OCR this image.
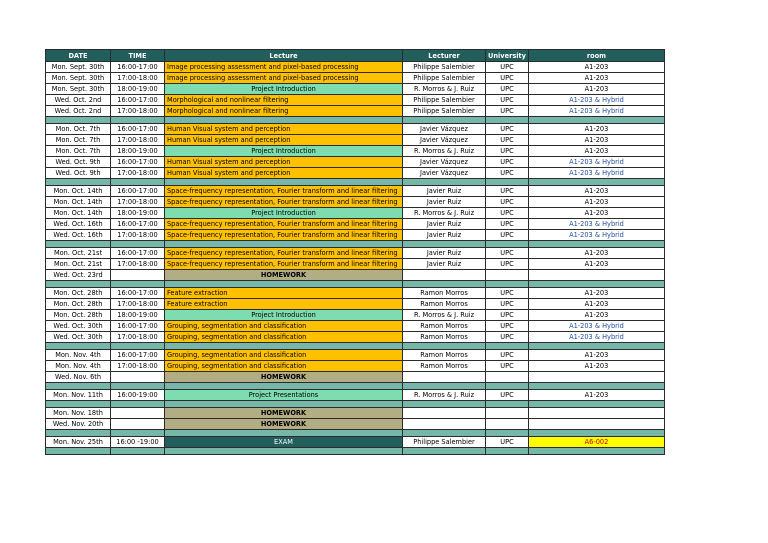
DATE	TIME	Lecture	Lecturer	University	room
Mon. Sept. 30th	16:00-17:00	Image processing assessment and pixel-based processing	Philippe Salembier	UPC	A1-203
Mon. Sept. 30th	17:00-18:00	Image processing assessment and pixel-based processing	Philippe Salembier	UPC	A1-203
Mon. Sept. 30th	18:00-19:00	Project Introduction	R. Morros & J. Ruiz	UPC	A1-203
Wed. Oct. 2nd	16:00-17:00	Morphological and nonlinear filtering	Philippe Salembier	UPC	A1-203 & Hybrid
Wed. Oct. 2nd	17:00-18:00	Morphological and nonlinear filtering	Philippe Salembier	UPC	A1-203 & Hybrid

Mon. Oct. 7th	16:00-17:00	Human Visual system and perception	Javier Vázquez	UPC	A1-203
Mon. Oct. 7th	17:00-18:00	Human Visual system and perception	Javier Vázquez	UPC	A1-203
Mon. Oct. 7th	18:00-19:00	Project Introduction	R. Morros & J. Ruiz	UPC	A1-203
Wed. Oct. 9th	16:00-17:00	Human Visual system and perception	Javier Vázquez	UPC	A1-203 & Hybrid
Wed. Oct. 9th	17:00-18:00	Human Visual system and perception	Javier Vázquez	UPC	A1-203 & Hybrid

Mon. Oct. 14th	16:00-17:00	Space-frequency representation, Fourier transform and linear filtering	Javier Ruiz	UPC	A1-203
Mon. Oct. 14th	17:00-18:00	Space-frequency representation, Fourier transform and linear filtering	Javier Ruiz	UPC	A1-203
Mon. Oct. 14th	18:00-19:00	Project Introduction	R. Morros & J. Ruiz	UPC	A1-203
Wed. Oct. 16th	16:00-17:00	Space-frequency representation, Fourier transform and linear filtering	Javier Ruiz	UPC	A1-203 & Hybrid
Wed. Oct. 16th	17:00-18:00	Space-frequency representation, Fourier transform and linear filtering	Javier Ruiz	UPC	A1-203 & Hybrid

Mon. Oct. 21st	16:00-17:00	Space-frequency representation, Fourier transform and linear filtering	Javier Ruiz	UPC	A1-203
Mon. Oct. 21st	17:00-18:00	Space-frequency representation, Fourier transform and linear filtering	Javier Ruiz	UPC	A1-203
Wed. Oct. 23rd		HOMEWORK			

Mon. Oct. 28th	16:00-17:00	Feature extraction	Ramon Morros	UPC	A1-203
Mon. Oct. 28th	17:00-18:00	Feature extraction	Ramon Morros	UPC	A1-203
Mon. Oct. 28th	18:00-19:00	Project Introduction	R. Morros & J. Ruiz	UPC	A1-203
Wed. Oct. 30th	16:00-17:00	Grouping, segmentation and classification	Ramon Morros	UPC	A1-203 & Hybrid
Wed. Oct. 30th	17:00-18:00	Grouping, segmentation and classification	Ramon Morros	UPC	A1-203 & Hybrid

Mon. Nov. 4th	16:00-17:00	Grouping, segmentation and classification	Ramon Morros	UPC	A1-203
Mon. Nov. 4th	17:00-18:00	Grouping, segmentation and classification	Ramon Morros	UPC	A1-203
Wed. Nov. 6th		HOMEWORK			

Mon. Nov. 11th	16:00-19:00	Project Presentations	R. Morros & J. Ruiz	UPC	A1-203

Mon. Nov. 18th		HOMEWORK			
Wed. Nov. 20th		HOMEWORK			

Mon. Nov. 25th	16:00 -19:00	EXAM	Philippe Salembier	UPC	A6-002
